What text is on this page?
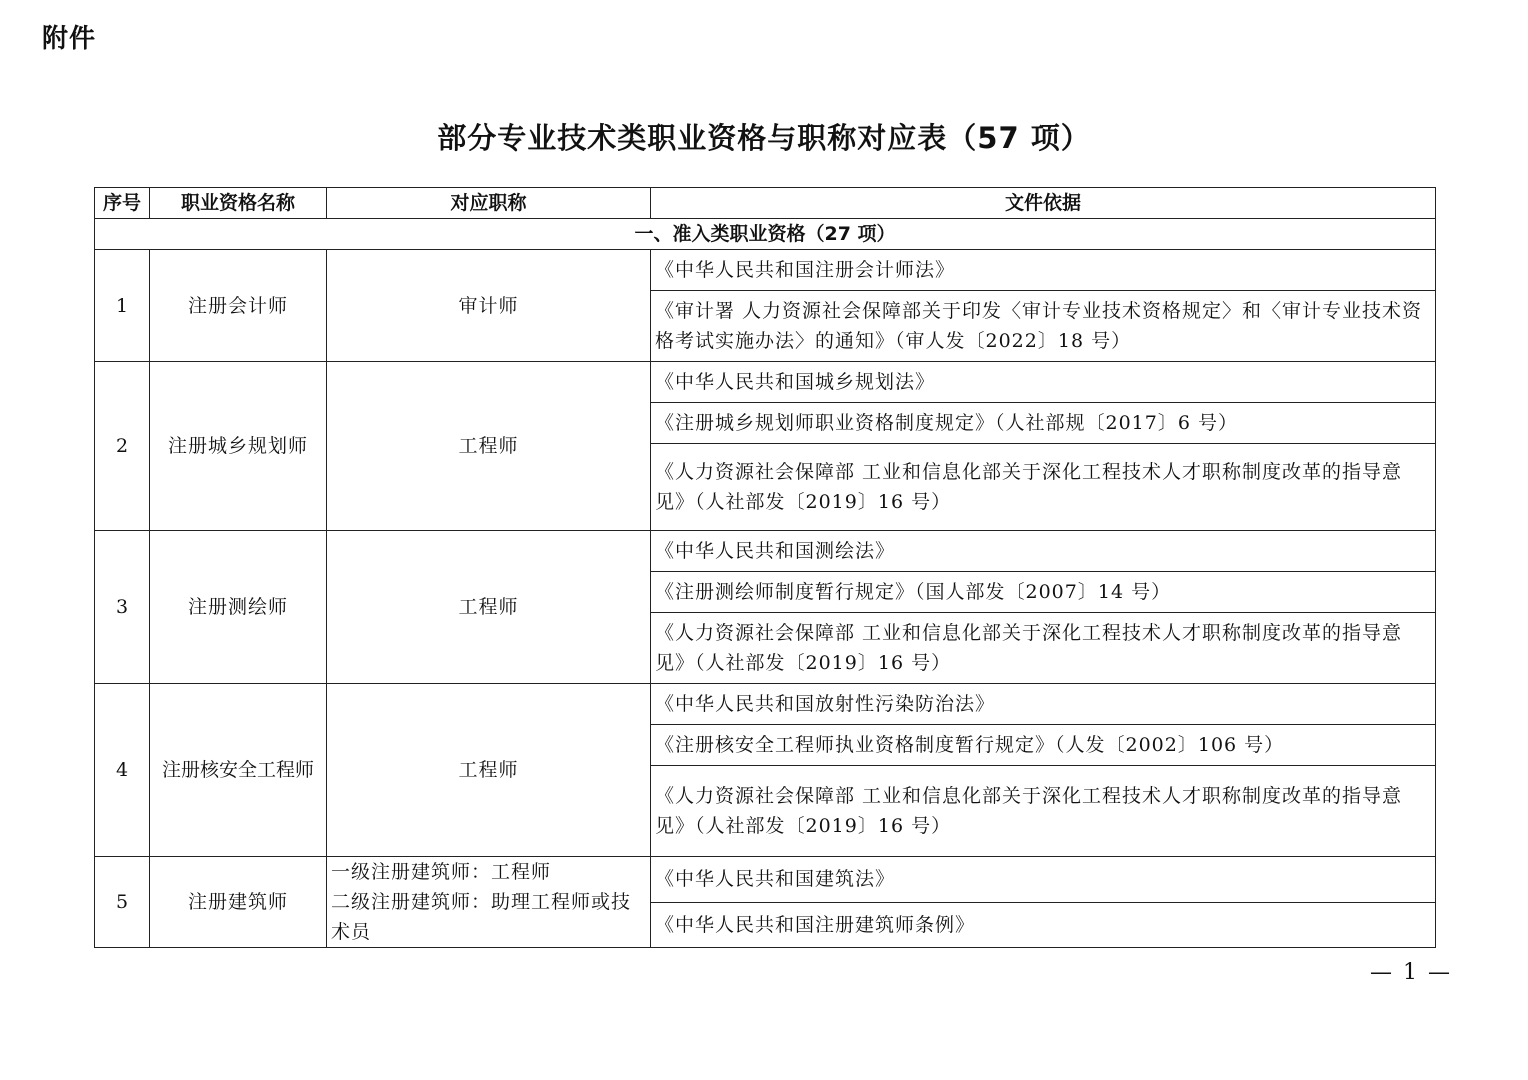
附件
部分专业技术类职业资格与职称对应表（57 项）
序号	职业资格名称	对应职称	文件依据
一、准入类职业资格（27 项）			
1	注册会计师	审计师	《中华人民共和国注册会计师法》
			《审计署 人力资源社会保障部关于印发〈审计专业技术资格规定〉和〈审计专业技术资格考试实施办法〉的通知》（审人发〔2022〕18 号）
2	注册城乡规划师	工程师	《中华人民共和国城乡规划法》
			《注册城乡规划师职业资格制度规定》（人社部规〔2017〕6 号）
			《人力资源社会保障部 工业和信息化部关于深化工程技术人才职称制度改革的指导意见》（人社部发〔2019〕16 号）
3	注册测绘师	工程师	《中华人民共和国测绘法》
			《注册测绘师制度暂行规定》（国人部发〔2007〕14 号）
			《人力资源社会保障部 工业和信息化部关于深化工程技术人才职称制度改革的指导意见》（人社部发〔2019〕16 号）
4	注册核安全工程师	工程师	《中华人民共和国放射性污染防治法》
			《注册核安全工程师执业资格制度暂行规定》（人发〔2002〕106 号）
			《人力资源社会保障部 工业和信息化部关于深化工程技术人才职称制度改革的指导意见》（人社部发〔2019〕16 号）
5	注册建筑师	一级注册建筑师：工程师
二级注册建筑师：助理工程师或技术员	《中华人民共和国建筑法》
			《中华人民共和国注册建筑师条例》
— 1 —
